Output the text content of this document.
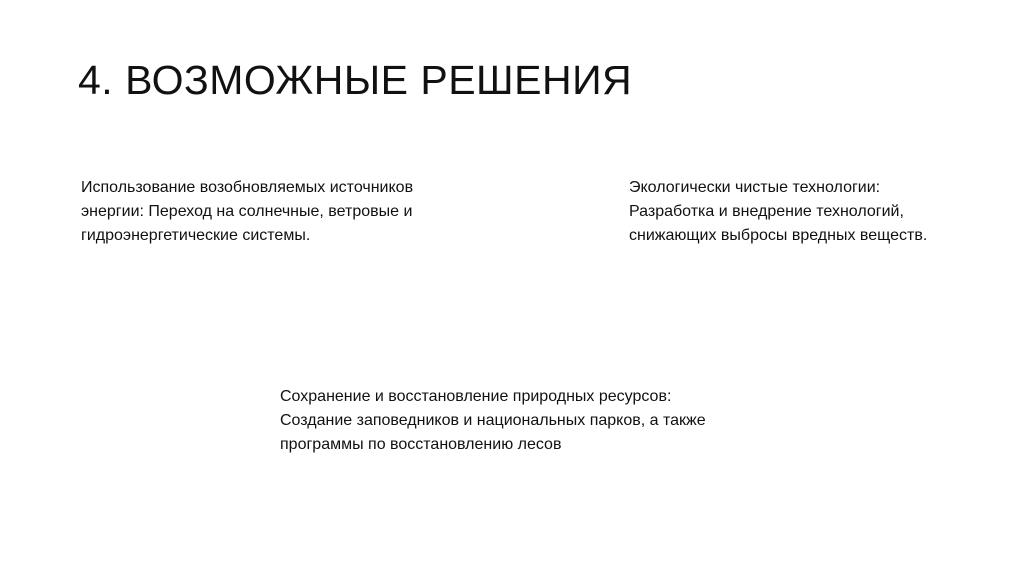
4. ВОЗМОЖНЫЕ РЕШЕНИЯ
Использование возобновляемых источников
энергии: Переход на солнечные, ветровые и
гидроэнергетические системы.
Экологически чистые технологии:
Разработка и внедрение технологий,
снижающих выбросы вредных веществ.
Сохранение и восстановление природных ресурсов:
Создание заповедников и национальных парков, а также
программы по восстановлению лесов
